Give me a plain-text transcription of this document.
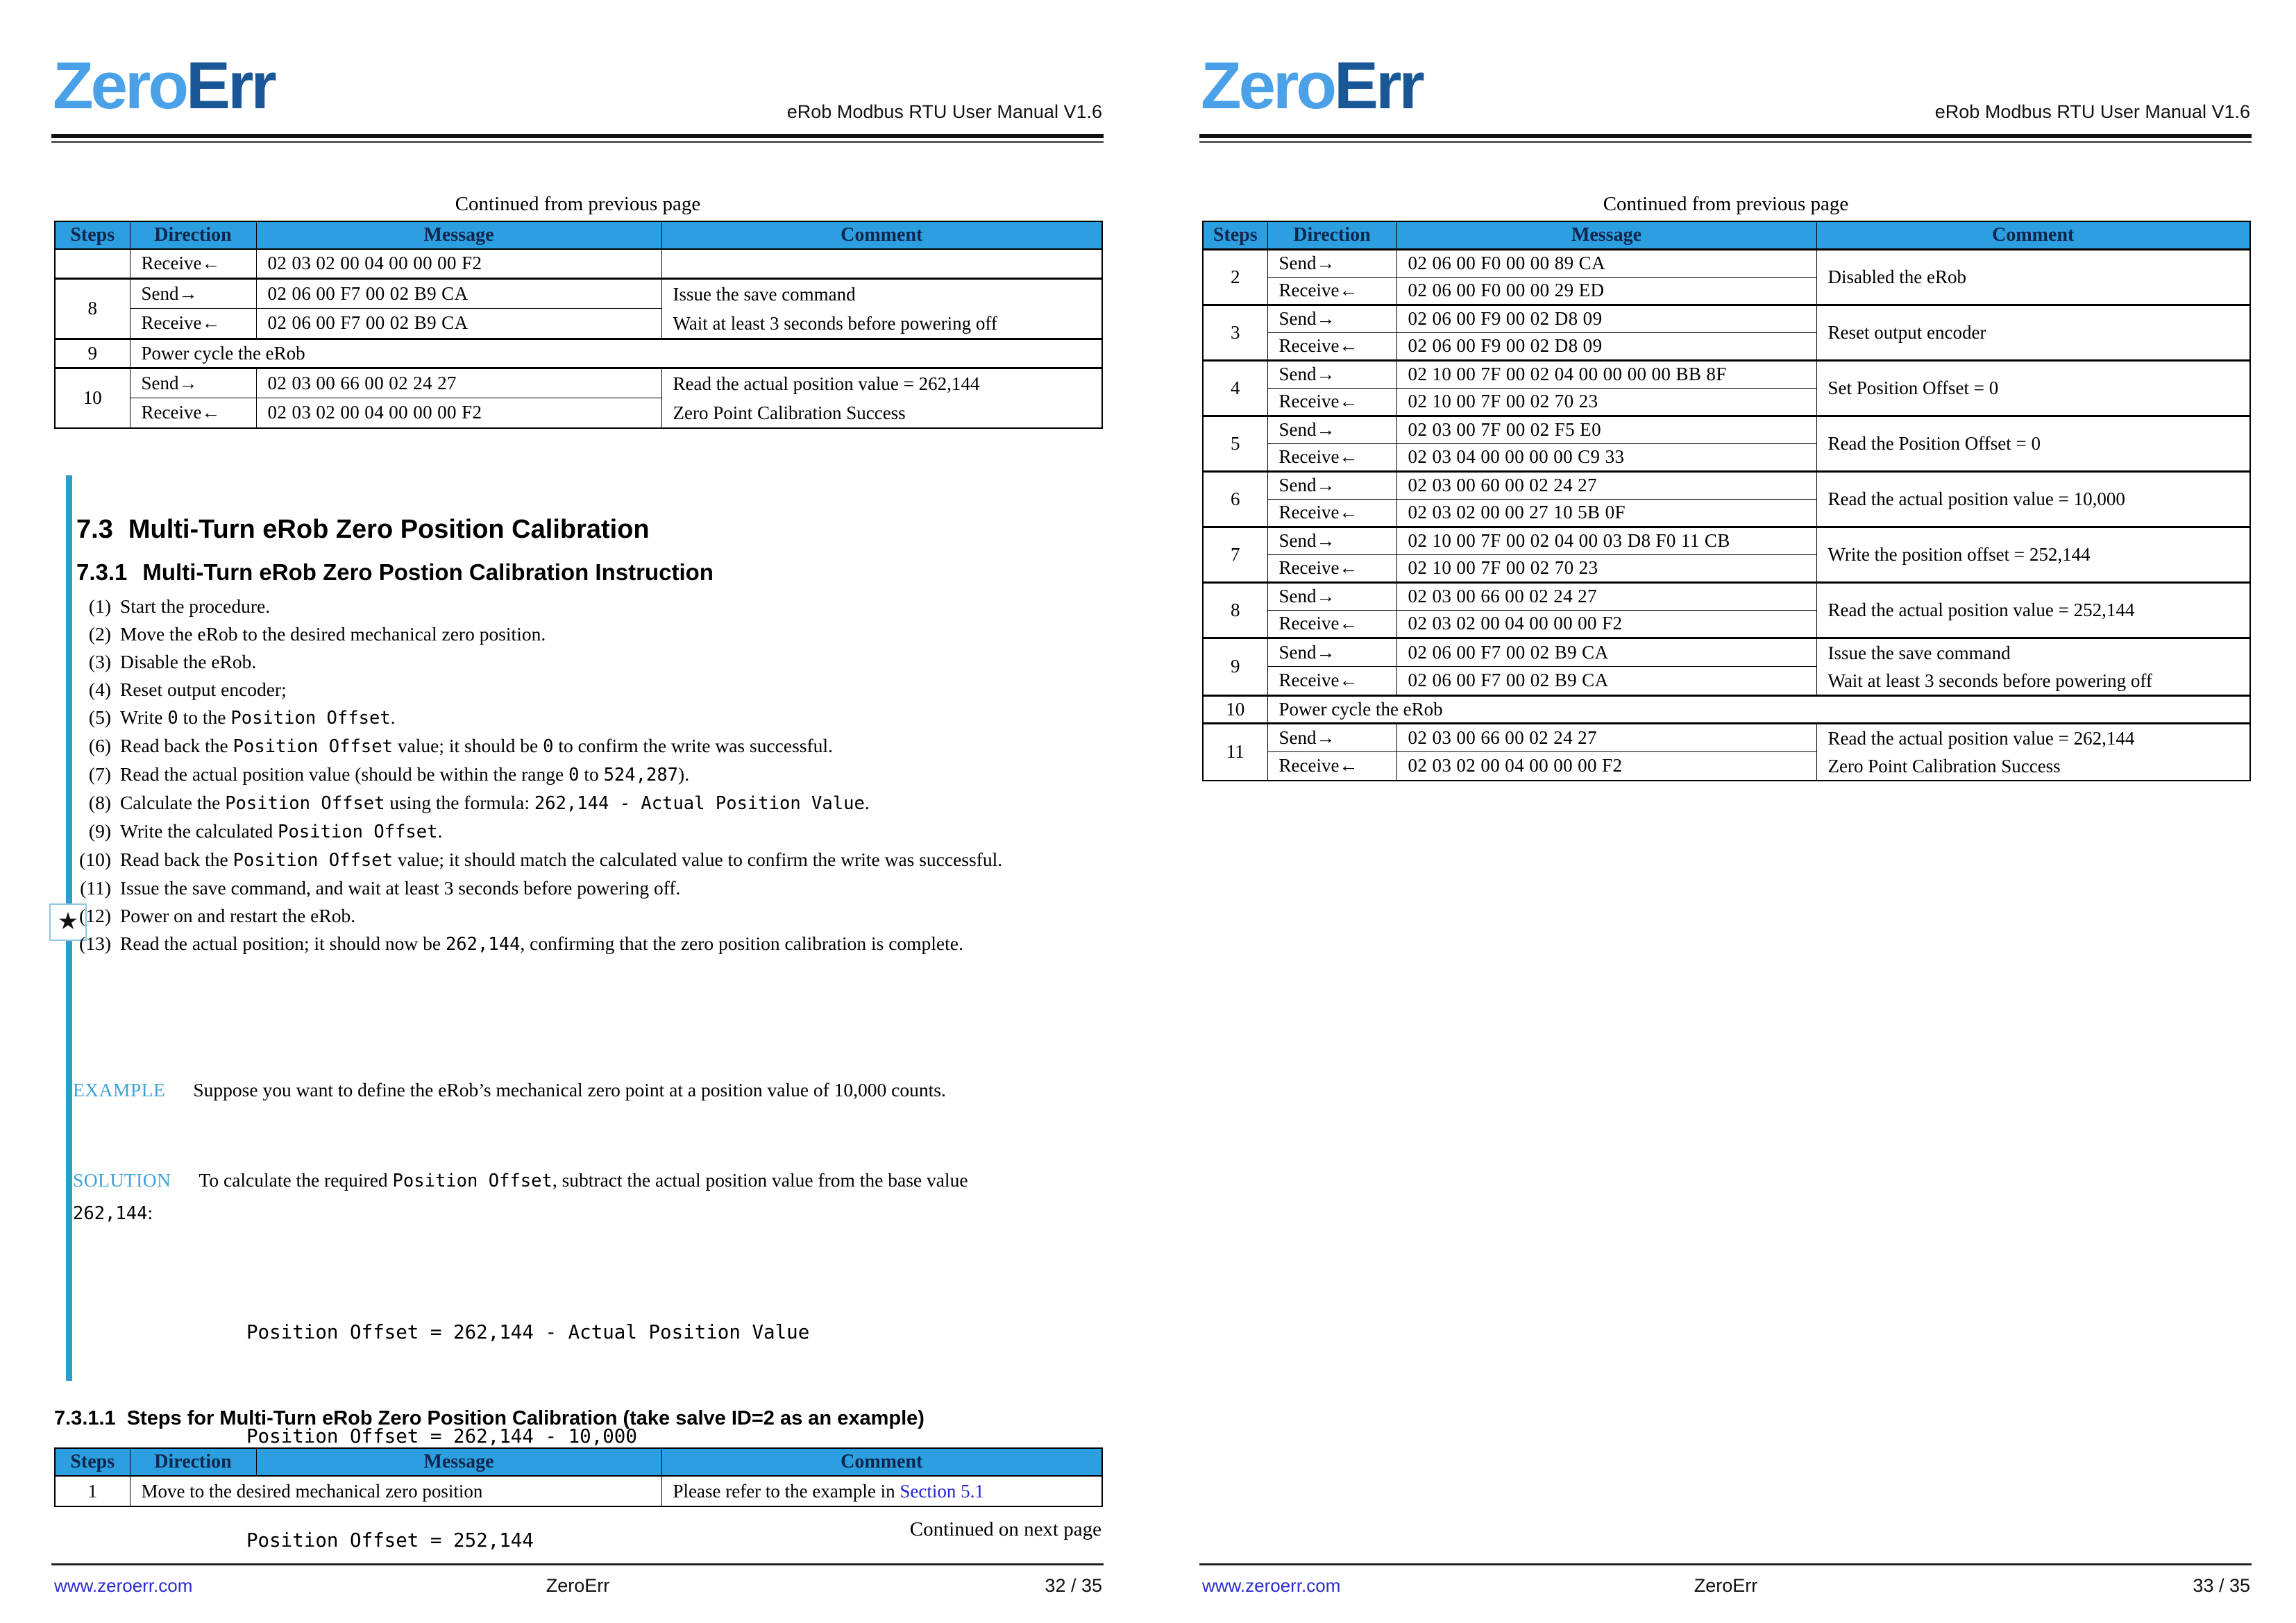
ZeroErr	eRob Modbus RTU User Manual V1.6
Continued from previous page
Steps	Direction	Message	Comment
	Receive←	02 03 02 00 04 00 00 00 F2	
8	Send→	02 06 00 F7 00 02 B9 CA	Issue the save command
Wait at least 3 seconds before powering off

	Receive←	02 06 00 F7 00 02 B9 CA	
9	Power cycle the eRob		
10	Send→	02 03 00 66 00 02 24 27	Read the actual position value = 262,144
Zero Point Calibration Success

	Receive←	02 03 02 00 04 00 00 00 F2	
★
7.3 Multi-Turn eRob Zero Position Calibration
7.3.1 Multi-Turn eRob Zero Postion Calibration Instruction
(1) Start the procedure.
(2) Move the eRob to the desired mechanical zero position.
(3) Disable the eRob.
(4) Reset output encoder;
(5) Write 0 to the Position Offset.
(6) Read back the Position Offset value; it should be 0 to confirm the write was successful.
(7) Read the actual position value (should be within the range 0 to 524,287).
(8) Calculate the Position Offset using the formula: 262,144 - Actual Position Value.
(9) Write the calculated Position Offset.
(10) Read back the Position Offset value; it should match the calculated value to confirm the write was successful.
(11) Issue the save command, and wait at least 3 seconds before powering off.
(12) Power on and restart the eRob.
(13) Read the actual position; it should now be 262,144, confirming that the zero position calibration is complete.

EXAMPLE Suppose you want to define the eRob’s mechanical zero point at a position value of 10,000 counts.

SOLUTION To calculate the required Position Offset, subtract the actual position value from the base value 262,144:

Position Offset = 262,144 - Actual Position Value

Position Offset = 262,144 - 10,000

Position Offset = 252,144

7.3.1.1 Steps for Multi-Turn eRob Zero Position Calibration (take salve ID=2 as an example)
Steps	Direction	Message	Comment
1	Move to the desired mechanical zero position		Please refer to the example in Section 5.1
Continued on next page
ZeroErr
www.zeroerr.com	32 / 35
ZeroErr	eRob Modbus RTU User Manual V1.6
Continued from previous page
Steps	Direction	Message	Comment
2	Send→	02 06 00 F0 00 00 89 CA	Disabled the eRob
	Receive←	02 06 00 F0 00 00 29 ED	
3	Send→	02 06 00 F9 00 02 D8 09	Reset output encoder
	Receive←	02 06 00 F9 00 02 D8 09	
4	Send→	02 10 00 7F 00 02 04 00 00 00 00 BB 8F	Set Position Offset = 0
	Receive←	02 10 00 7F 00 02 70 23	
5	Send→	02 03 00 7F 00 02 F5 E0	Read the Position Offset = 0
	Receive←	02 03 04 00 00 00 00 C9 33	
6	Send→	02 03 00 60 00 02 24 27	Read the actual position value = 10,000
	Receive←	02 03 02 00 00 27 10 5B 0F	
7	Send→	02 10 00 7F 00 02 04 00 03 D8 F0 11 CB	Write the position offset = 252,144
	Receive←	02 10 00 7F 00 02 70 23	
8	Send→	02 03 00 66 00 02 24 27	Read the actual position value = 252,144
	Receive←	02 03 02 00 04 00 00 00 F2	
9	Send→	02 06 00 F7 00 02 B9 CA	Issue the save command
Wait at least 3 seconds before powering off

	Receive←	02 06 00 F7 00 02 B9 CA	
10	Power cycle the eRob		
11	Send→	02 03 00 66 00 02 24 27	Read the actual position value = 262,144
Zero Point Calibration Success

	Receive←	02 03 02 00 04 00 00 00 F2	
ZeroErr
www.zeroerr.com	33 / 35
